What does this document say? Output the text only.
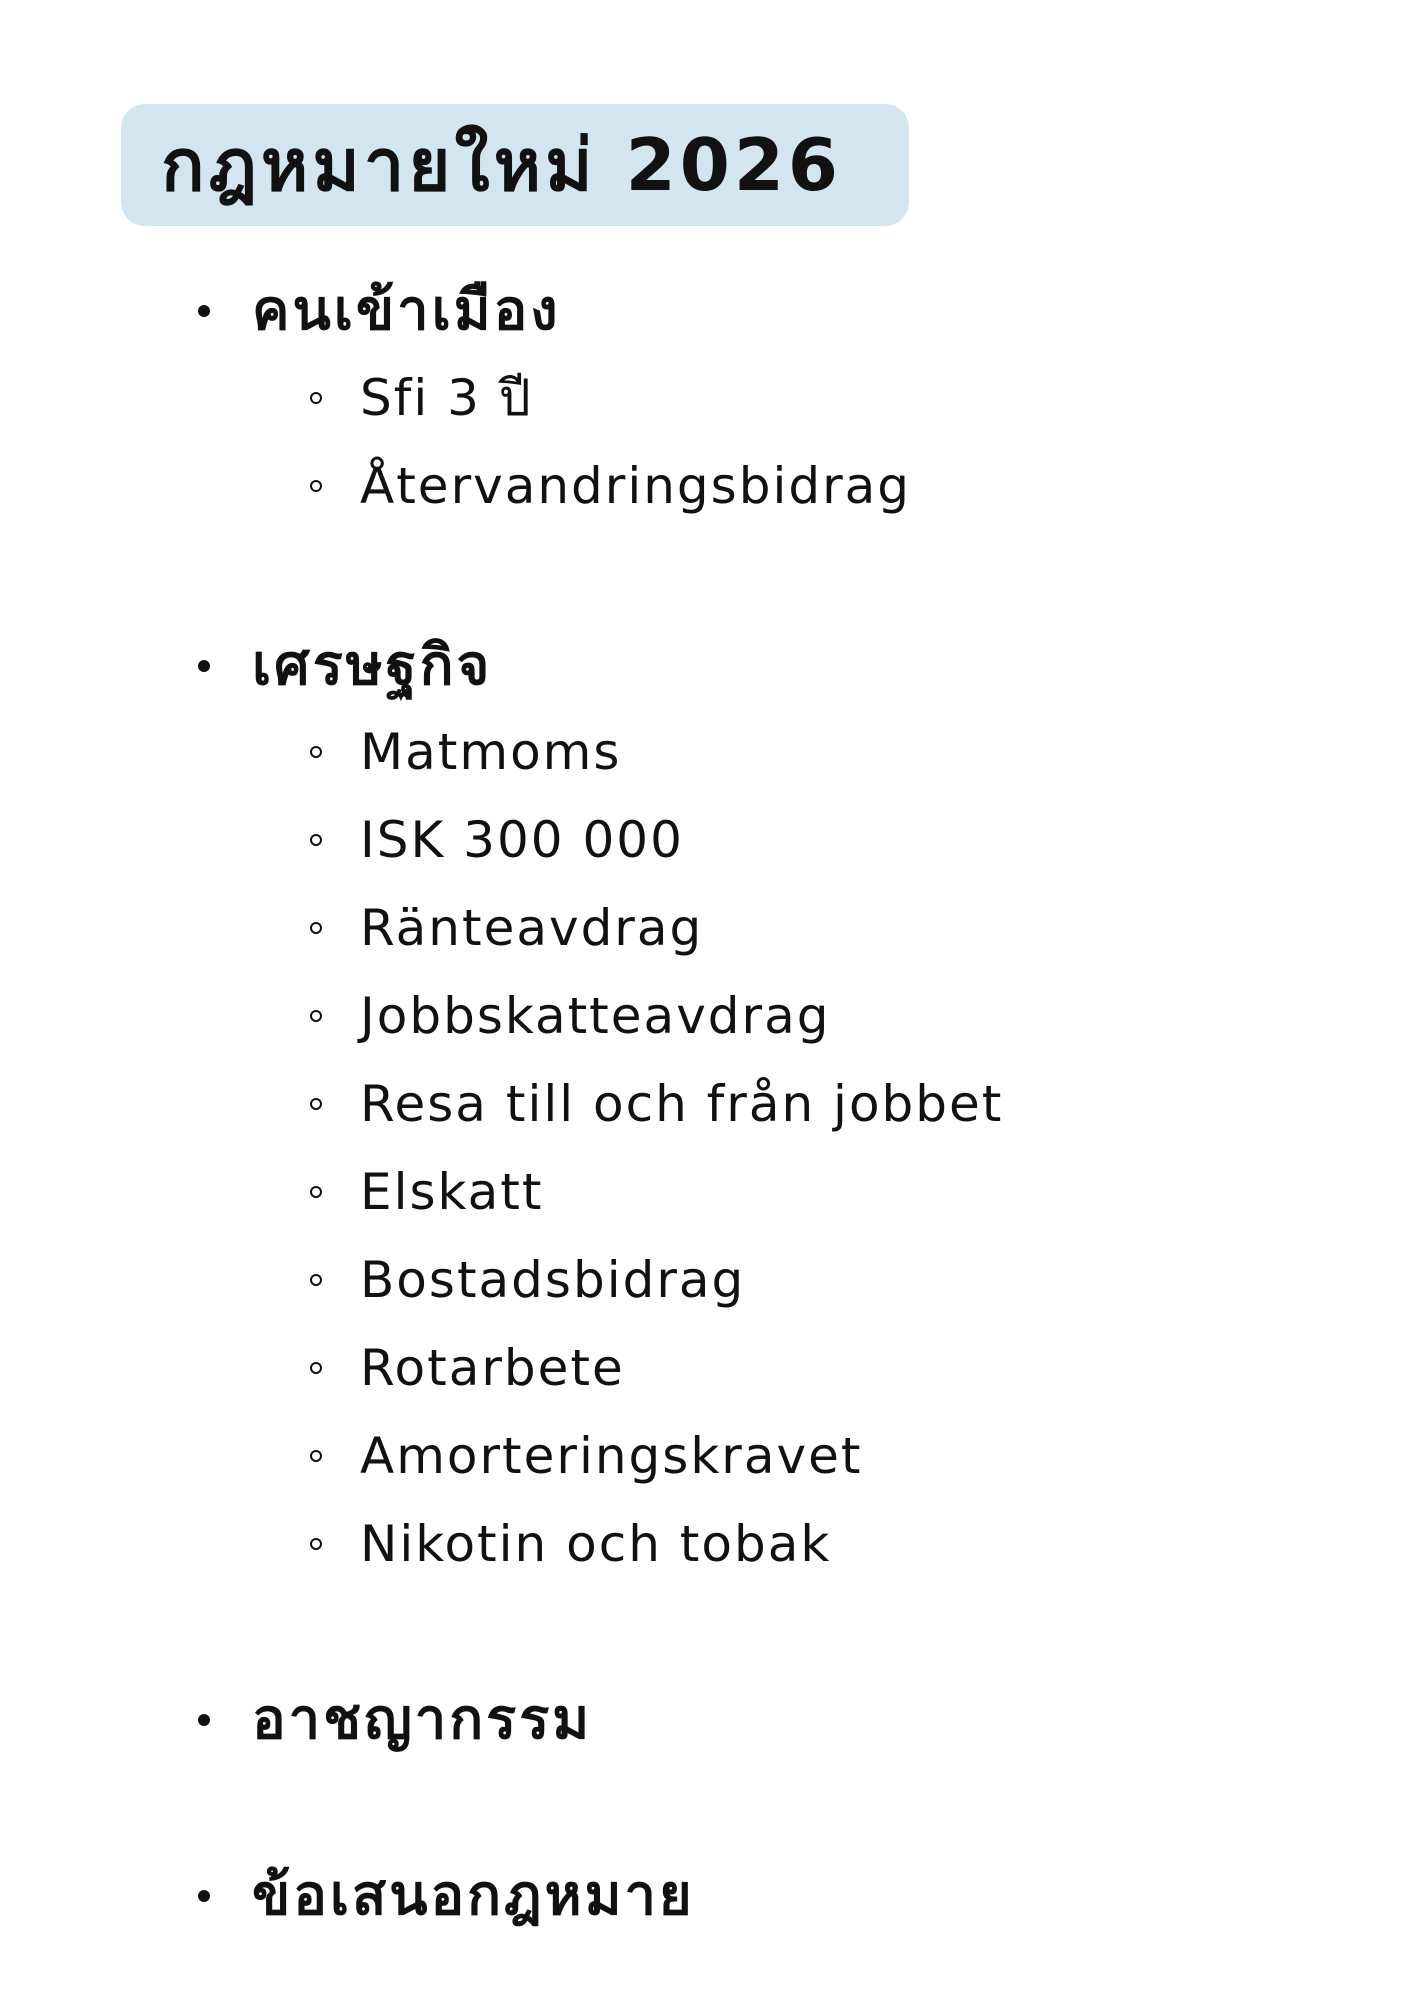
กฎหมายใหม่ 2026
คนเข้าเมือง
Sfi 3 ปี
Återvandringsbidrag
เศรษฐกิจ
Matmoms
ISK 300 000
Ränteavdrag
Jobbskatteavdrag
Resa till och från jobbet
Elskatt
Bostadsbidrag
Rotarbete
Amorteringskravet
Nikotin och tobak
อาชญากรรม
ข้อเสนอกฎหมาย
